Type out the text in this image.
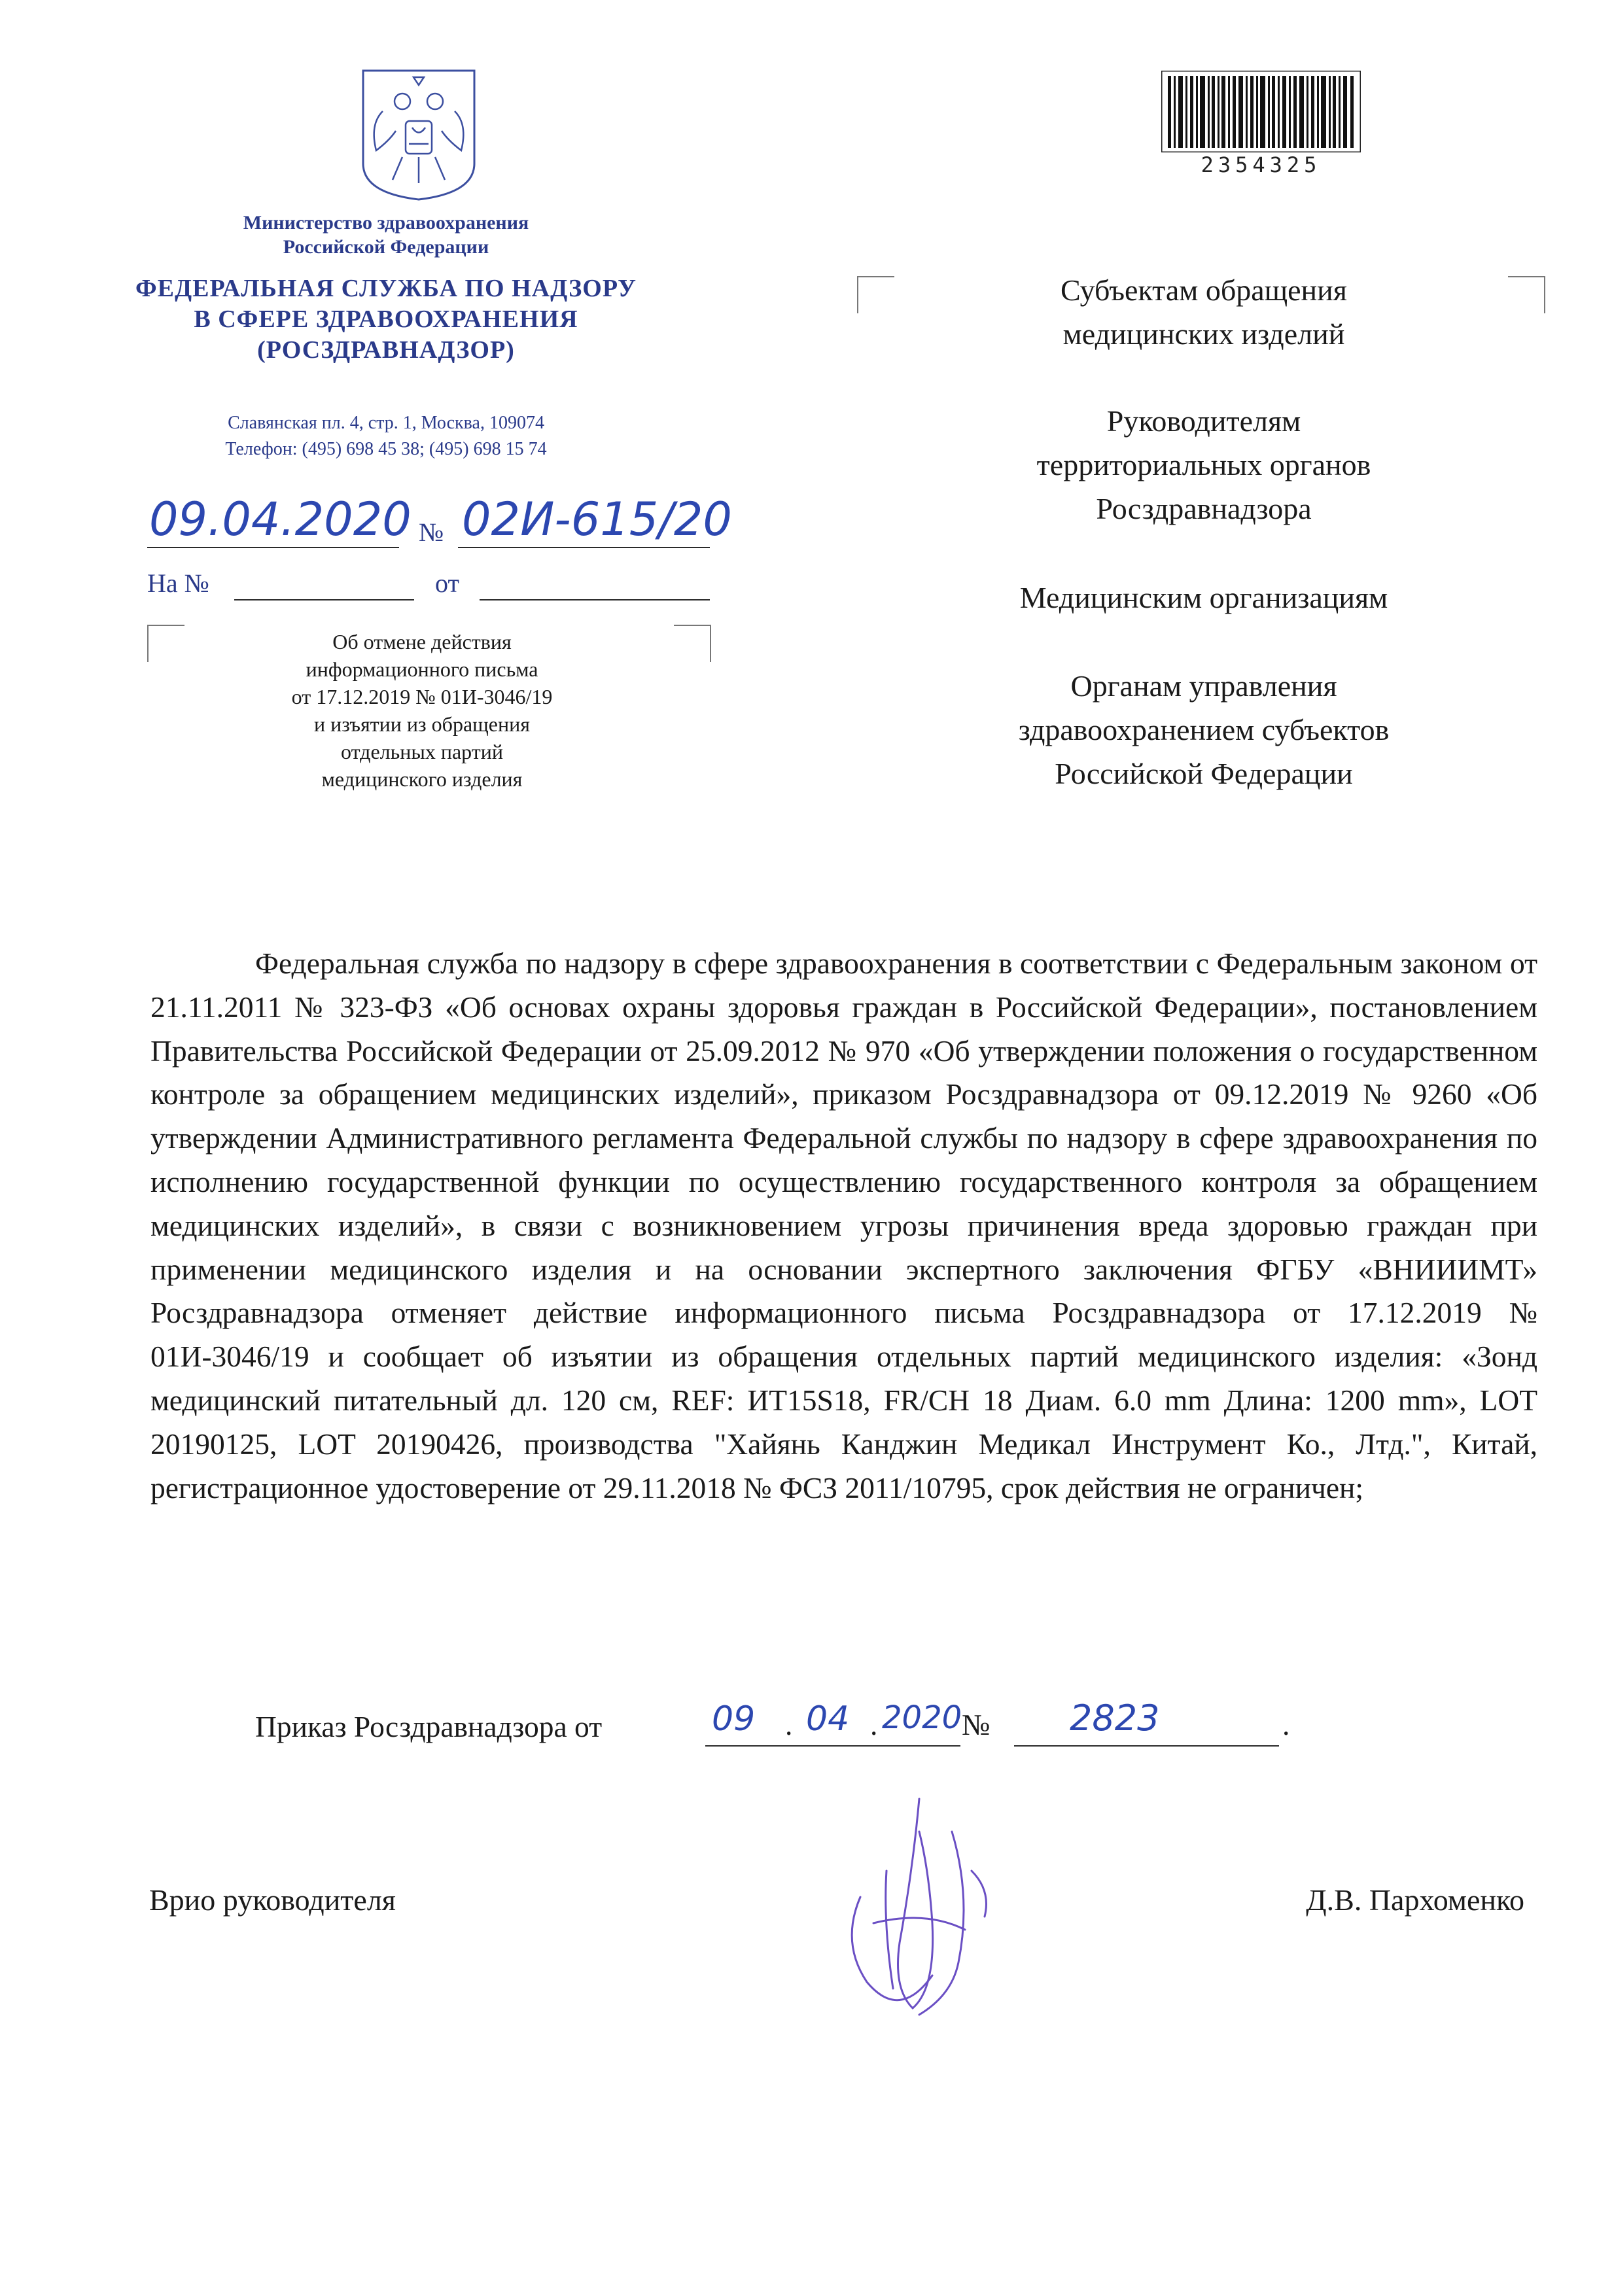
Министерство здравоохранения
Российской Федерации
ФЕДЕРАЛЬНАЯ СЛУЖБА ПО НАДЗОРУ
В СФЕРЕ ЗДРАВООХРАНЕНИЯ
(РОСЗДРАВНАДЗОР)
Славянская пл. 4, стр. 1, Москва, 109074
Телефон: (495) 698 45 38; (495) 698 15 74
09.04.2020 № 02И-615/20
На №	от
Об отмене действия
информационного письма
от 17.12.2019 № 01И-3046/19
и изъятии из обращения
отдельных партий
медицинского изделия
2354325
Субъектам обращения
медицинских изделий
Руководителям
территориальных органов
Росздравнадзора
Медицинским организациям
Органам управления
здравоохранением субъектов
Российской Федерации

Федеральная служба по надзору в сфере здравоохранения в соответствии с Федеральным законом от 21.11.2011 № 323-ФЗ «Об основах охраны здоровья граждан в Российской Федерации», постановлением Правительства Российской Федерации от 25.09.2012 № 970 «Об утверждении положения о государственном контроле за обращением медицинских изделий», приказом Росздравнадзора от 09.12.2019 № 9260 «Об утверждении Административного регламента Федеральной службы по надзору в сфере здравоохранения по исполнению государственной функции по осуществлению государственного контроля за обращением медицинских изделий», в связи с возникновением угрозы причинения вреда здоровью граждан при применении медицинского изделия и на основании экспертного заключения ФГБУ «ВНИИИМТ» Росздравнадзора отменяет действие информационного письма Росздравнадзора от 17.12.2019 № 01И-3046/19 и сообщает об изъятии из обращения отдельных партий медицинского изделия: «Зонд медицинский питательный дл. 120 см, REF: ИТ15S18, FR/CH 18 Диам. 6.0 mm Длина: 1200 mm», LOT 20190125, LOT 20190426, производства "Хайянь Канджин Медикал Инструмент Ко., Лтд.", Китай, регистрационное удостоверение от 29.11.2018 № ФСЗ 2011/10795, срок действия не ограничен;

Приказ Росздравнадзора от	09 . 04 . 2020 № 2823	.
Врио руководителя	Д.В. Пархоменко
